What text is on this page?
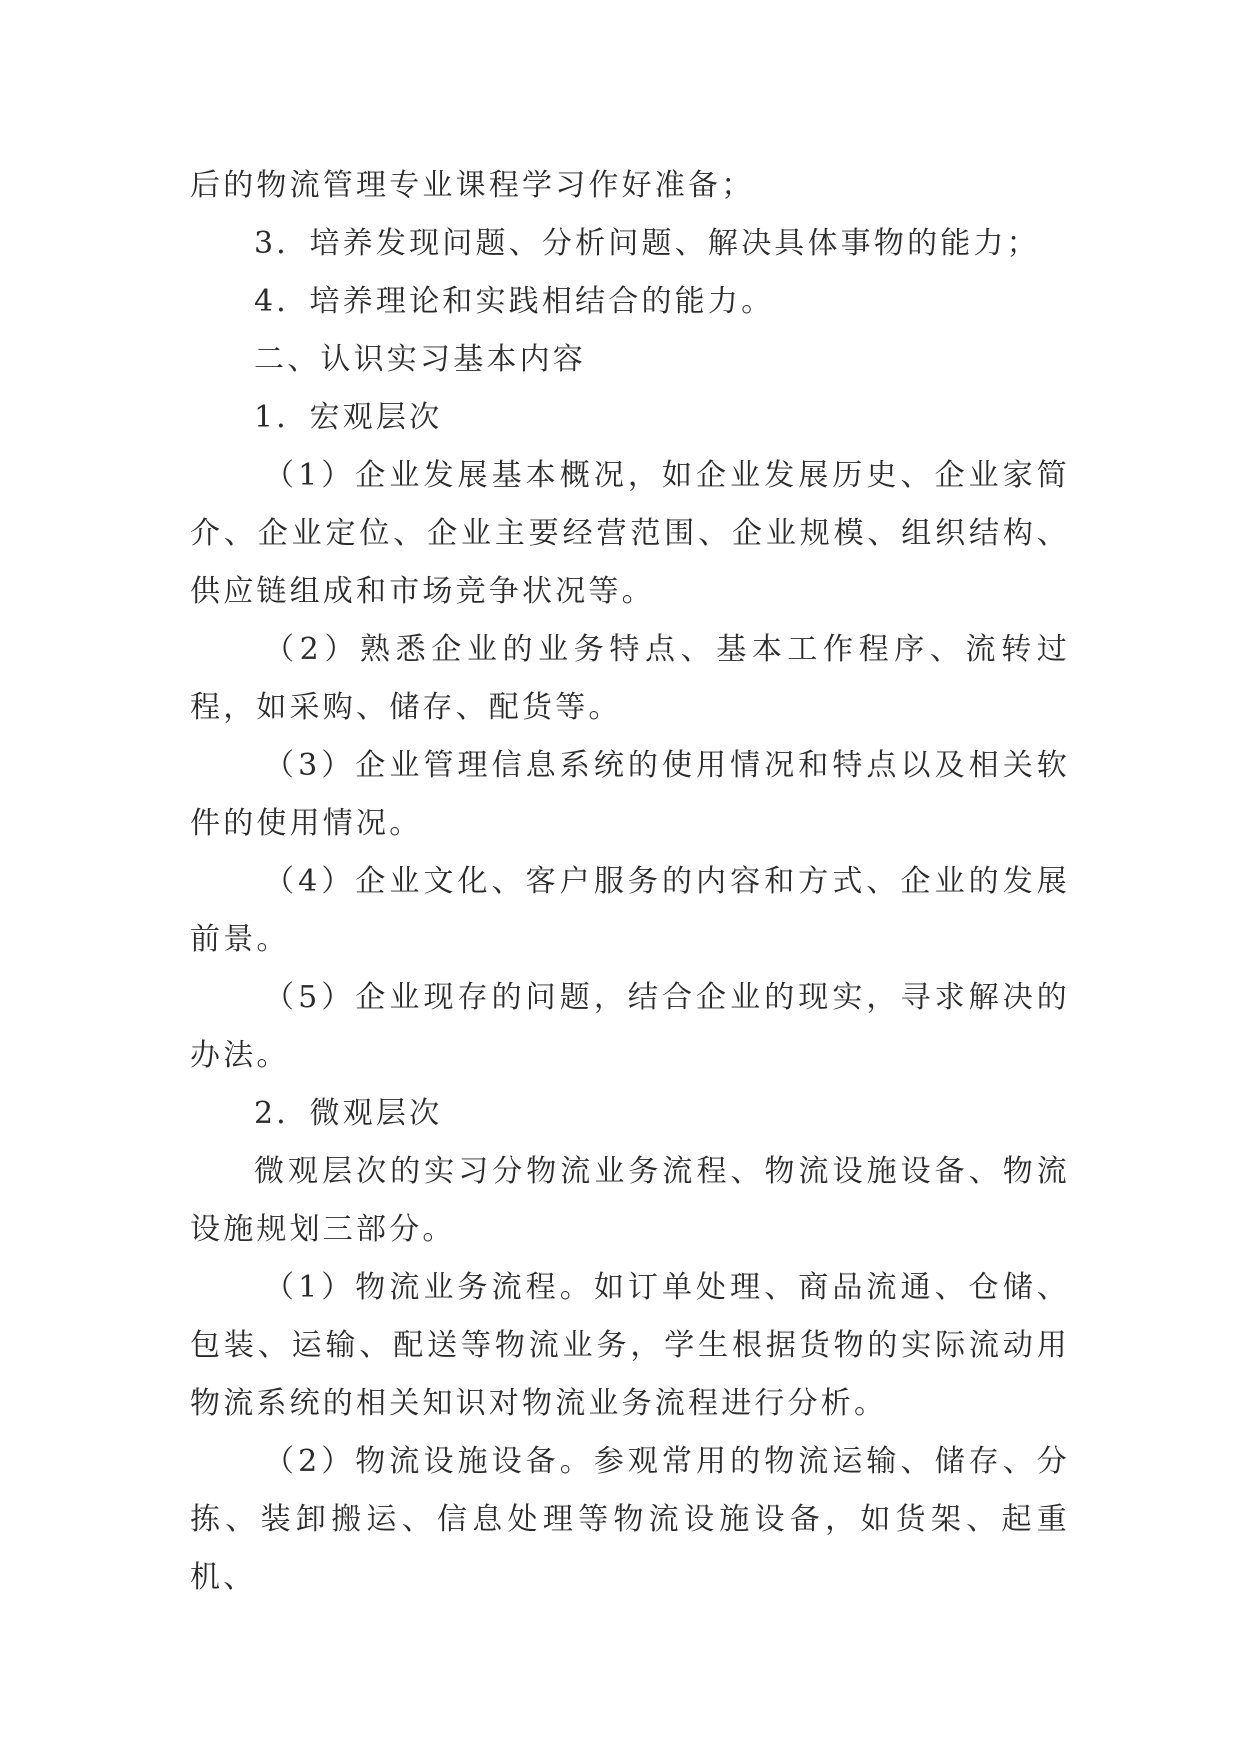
后的物流管理专业课程学习作好准备；

3．培养发现问题、分析问题、解决具体事物的能力；

4．培养理论和实践相结合的能力。

二、认识实习基本内容

1．宏观层次

（1）企业发展基本概况，如企业发展历史、企业家简介、企业定位、企业主要经营范围、企业规模、组织结构、供应链组成和市场竞争状况等。

（2）熟悉企业的业务特点、基本工作程序、流转过程，如采购、储存、配货等。

（3）企业管理信息系统的使用情况和特点以及相关软件的使用情况。

（4）企业文化、客户服务的内容和方式、企业的发展前景。

（5）企业现存的问题，结合企业的现实，寻求解决的办法。

2．微观层次

微观层次的实习分物流业务流程、物流设施设备、物流设施规划三部分。

（1）物流业务流程。如订单处理、商品流通、仓储、包装、运输、配送等物流业务，学生根据货物的实际流动用物流系统的相关知识对物流业务流程进行分析。

（2）物流设施设备。参观常用的物流运输、储存、分拣、装卸搬运、信息处理等物流设施设备，如货架、起重机、
